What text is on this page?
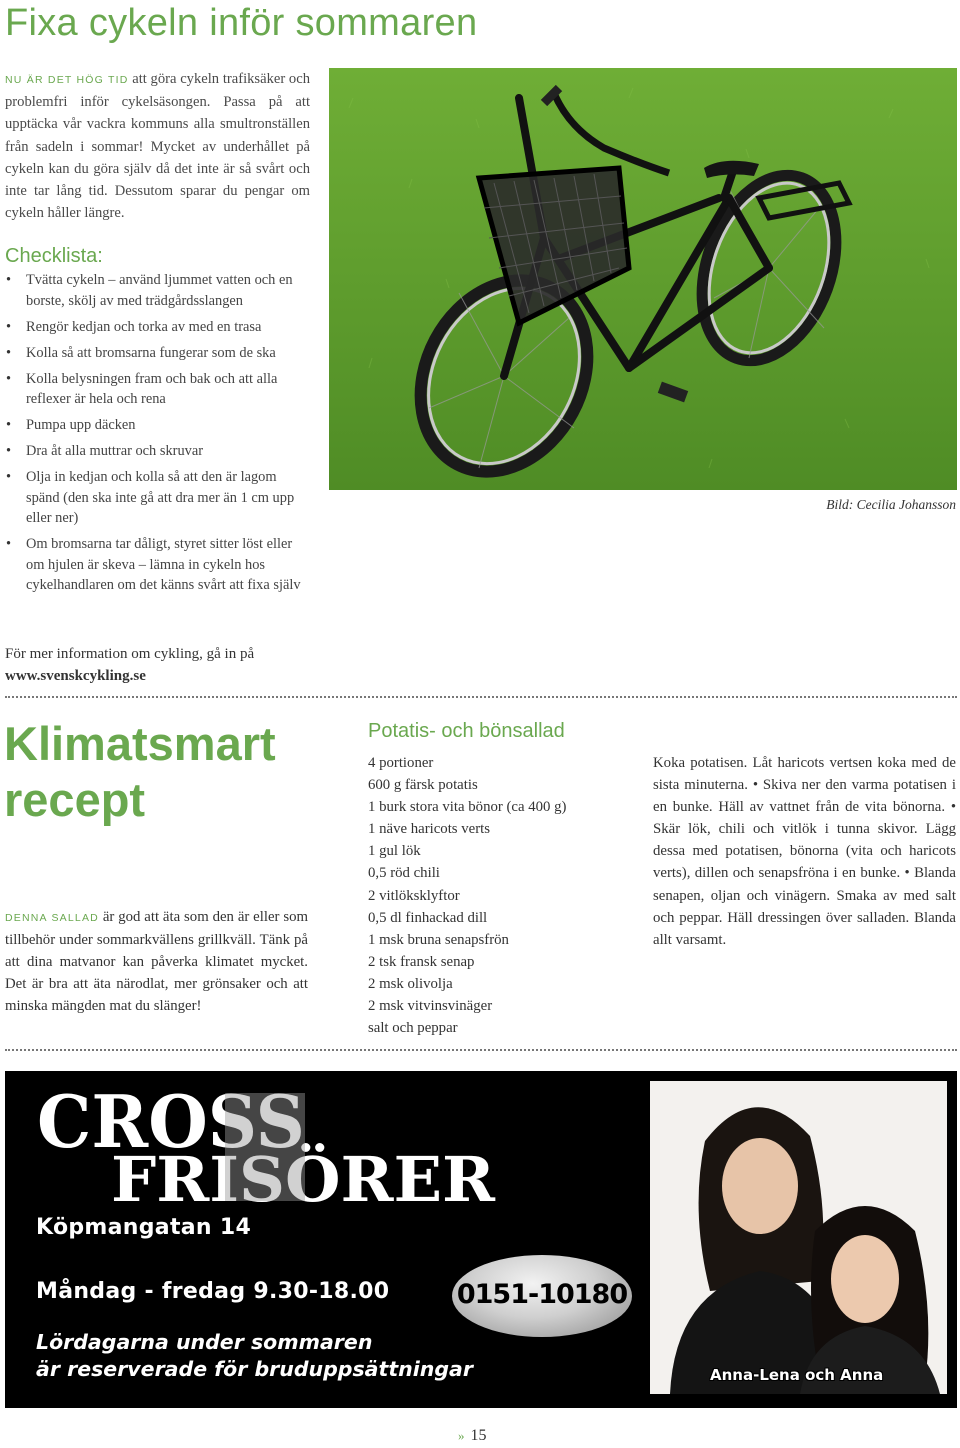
Fixa cykeln inför sommaren

NU ÄR DET HÖG TID att göra cykeln trafiksäker och problemfri inför cykelsäsongen. Passa på att upptäcka vår vackra kommuns alla smultronställen från sadeln i sommar! Mycket av underhållet på cykeln kan du göra själv då det inte är så svårt och inte tar lång tid. Dessutom sparar du pengar om cykeln håller längre.

Checklista:
• Tvätta cykeln – använd ljummet vatten och en borste, skölj av med trädgårdsslangen
• Rengör kedjan och torka av med en trasa
• Kolla så att bromsarna fungerar som de ska
• Kolla belysningen fram och bak och att alla reflexer är hela och rena
• Pumpa upp däcken
• Dra åt alla muttrar och skruvar
• Olja in kedjan och kolla så att den är lagom spänd (den ska inte gå att dra mer än 1 cm upp eller ner)
• Om bromsarna tar dåligt, styret sitter löst eller om hjulen är skeva – lämna in cykeln hos cykelhandlaren om det känns svårt att fixa själv
Bild: Cecilia Johansson

För mer information om cykling, gå in på
www.svenskcykling.se

Klimatsmart
recept

DENNA SALLAD är god att äta som den är eller som tillbehör under sommarkvällens grillkväll. Tänk på att dina matvanor kan påverka klimatet mycket. Det är bra att äta närodlat, mer grönsaker och att minska mängden mat du slänger!

Potatis- och bönsallad
4 portioner
600 g färsk potatis
1 burk stora vita bönor (ca 400 g)
1 näve haricots verts
1 gul lök
0,5 röd chili
2 vitlöksklyftor
0,5 dl finhackad dill
1 msk bruna senapsfrön
2 tsk fransk senap
2 msk olivolja
2 msk vitvinsvinäger
salt och peppar

Koka potatisen. Låt haricots vertsen koka med de sista minuterna. • Skiva ner den varma potatisen i en bunke. Häll av vattnet från de vita bönorna. • Skär lök, chili och vitlök i tunna skivor. Lägg dessa med potatisen, bönorna (vita och haricots verts), dillen och senapsfröna i en bunke. • Blanda senapen, oljan och vinägern. Smaka av med salt och peppar. Häll dressingen över salladen. Blanda allt varsamt.

CROSS
FRISÖRER
Köpmangatan 14
Måndag - fredag 9.30-18.00
Lördagarna under sommaren
är reserverade för bruduppsättningar
0151-10180
Anna-Lena och Anna
» 15
